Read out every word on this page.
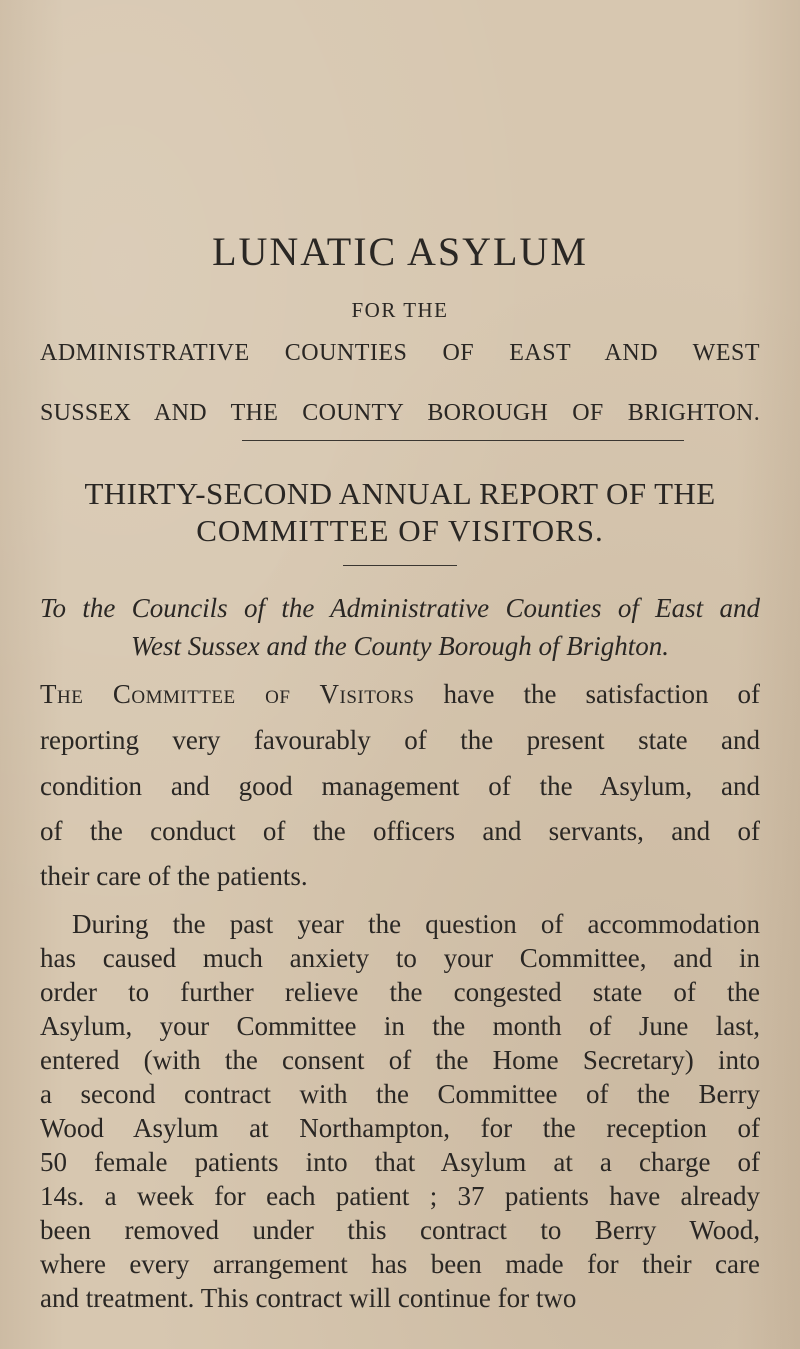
LUNATIC ASYLUM
FOR THE
ADMINISTRATIVE COUNTIES OF EAST AND WEST
SUSSEX AND THE COUNTY BOROUGH OF BRIGHTON.
THIRTY-SECOND ANNUAL REPORT OF THE
COMMITTEE OF VISITORS.
To the Councils of the Administrative Counties of East and
West Sussex and the County Borough of Brighton.
The Committee of Visitors have the satisfaction of
reporting very favourably of the present state and
condition and good management of the Asylum, and
of the conduct of the officers and servants, and of
their care of the patients.
During the past year the question of accommodation
has caused much anxiety to your Committee, and in
order to further relieve the congested state of the
Asylum, your Committee in the month of June last,
entered (with the consent of the Home Secretary) into
a second contract with the Committee of the Berry
Wood Asylum at Northampton, for the reception of
50 female patients into that Asylum at a charge of
14s. a week for each patient ; 37 patients have already
been removed under this contract to Berry Wood,
where every arrangement has been made for their care
and treatment. This contract will continue for two
